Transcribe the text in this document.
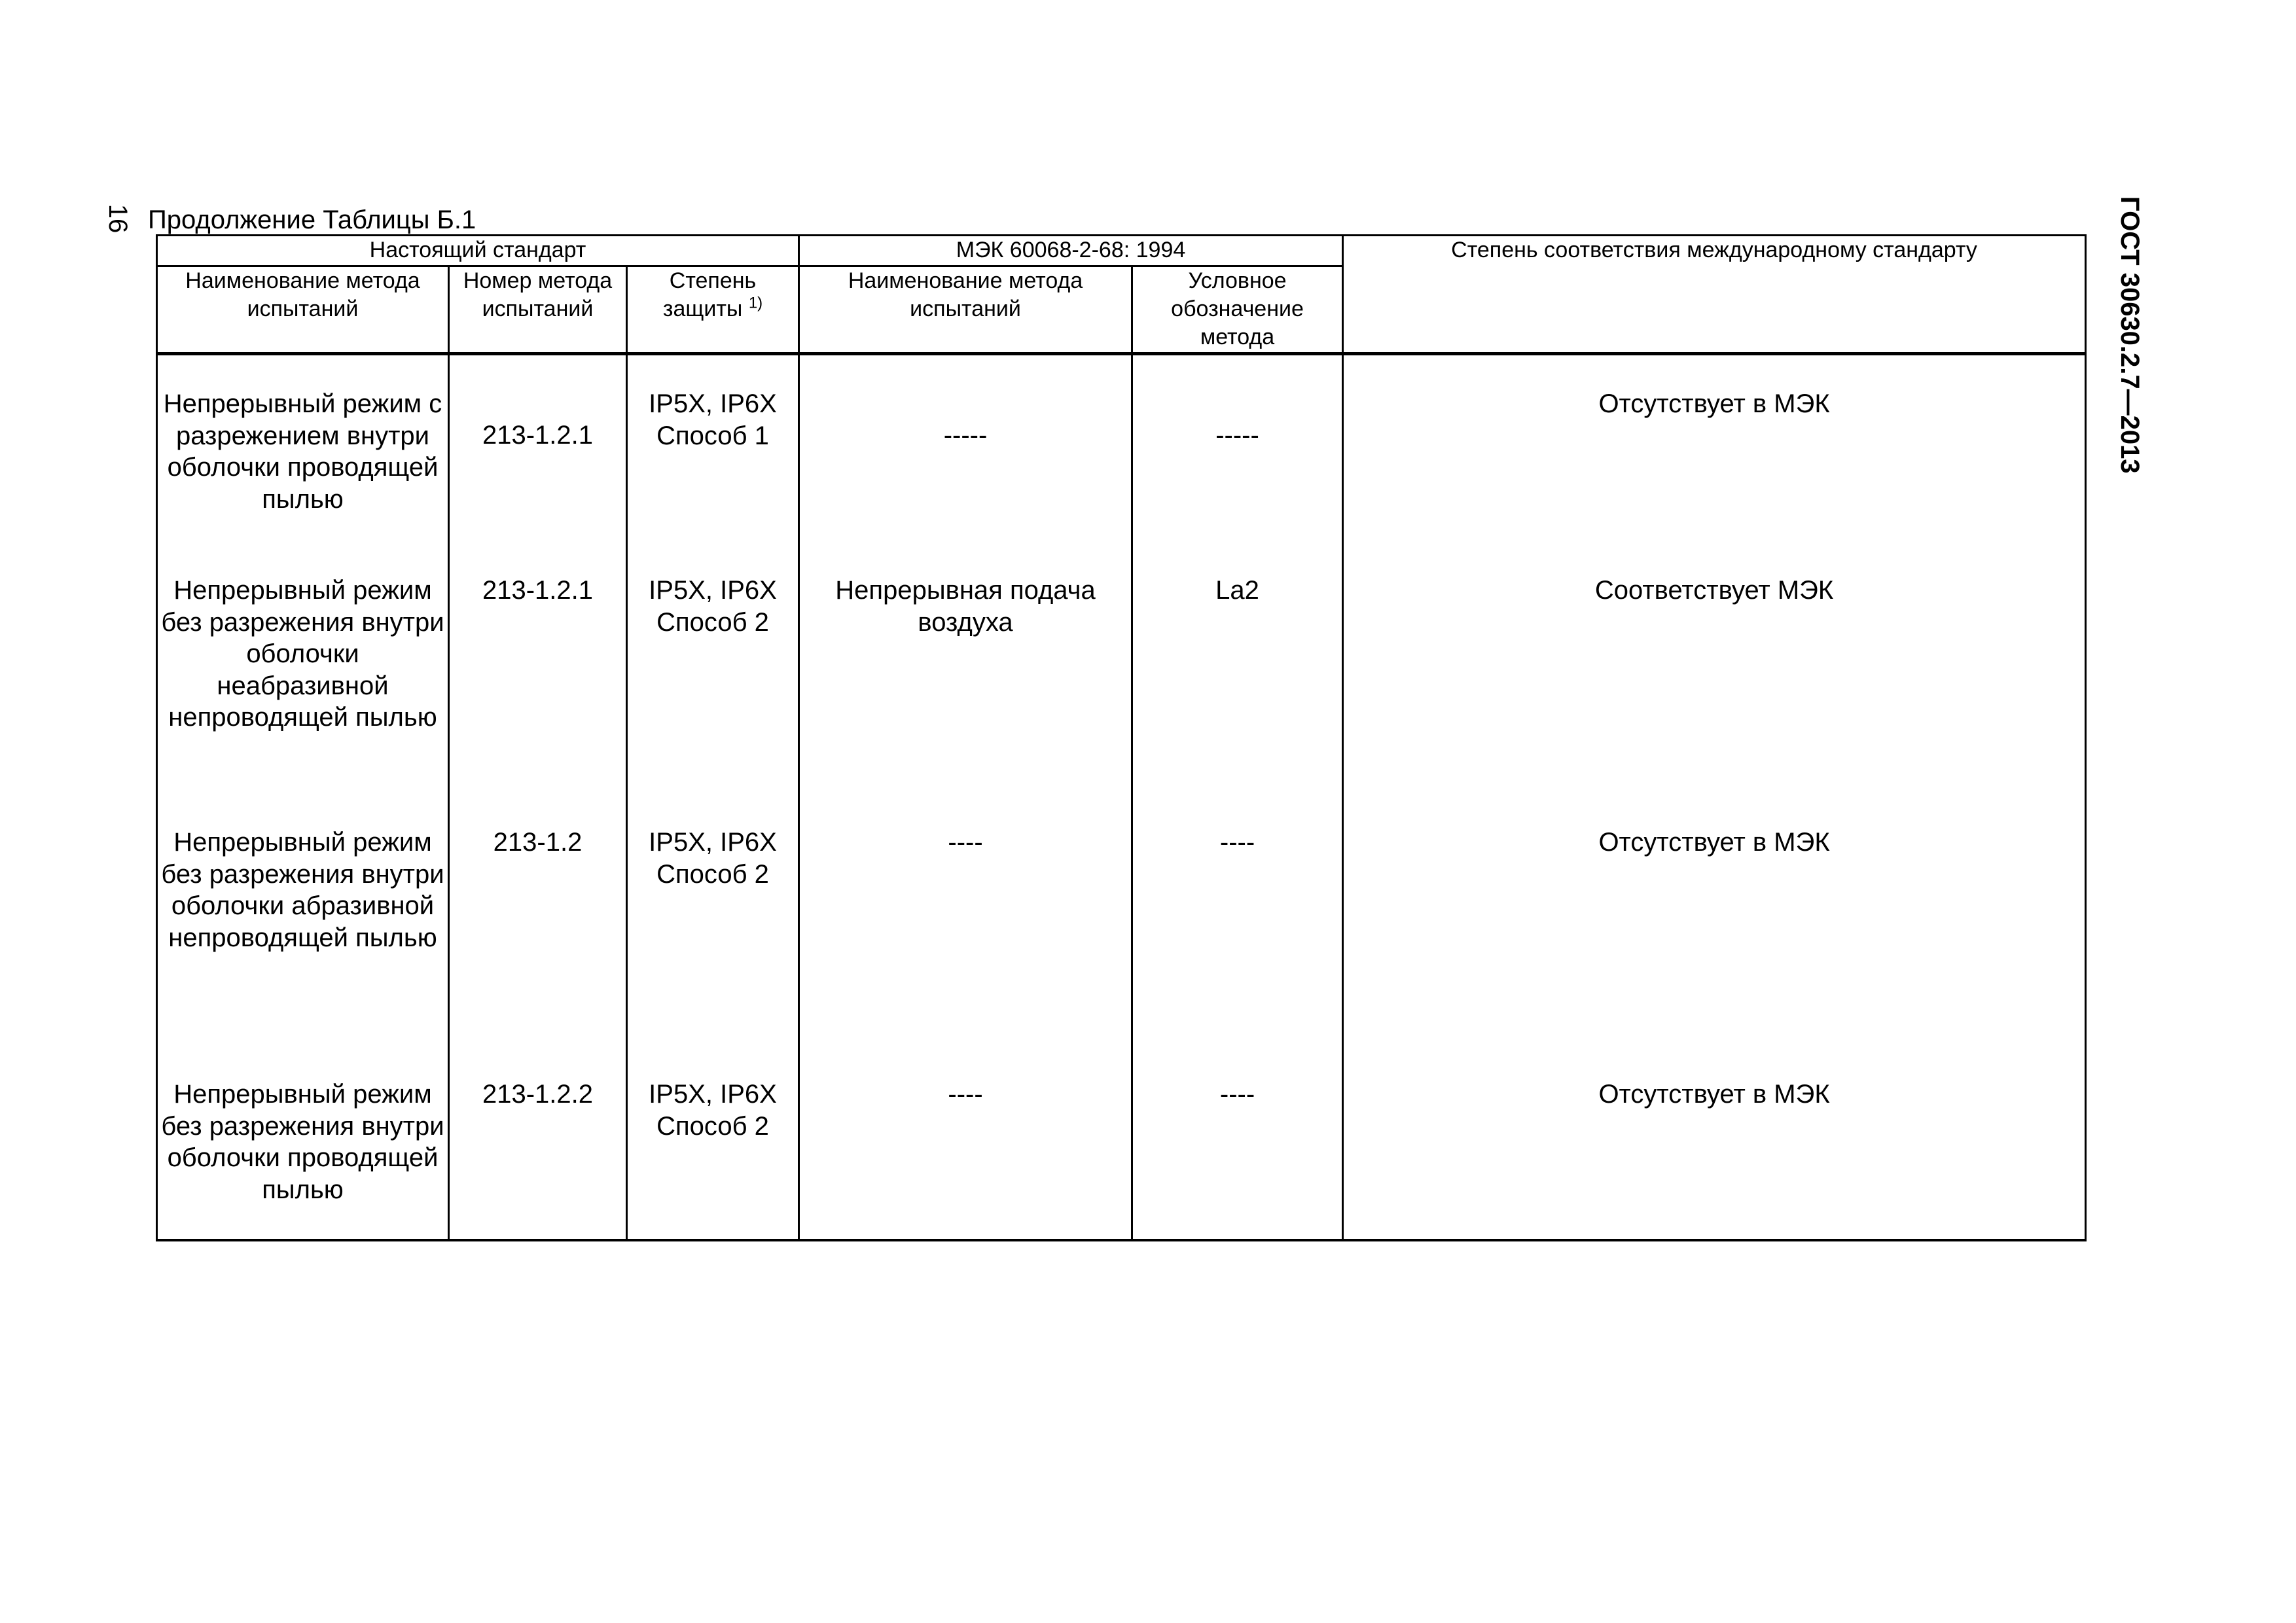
16 Продолжение Таблицы Б.1	ГОСТ 30630.2.7—2013
Настоящий стандарт			МЭК 60068-2-68: 1994		Степень соответствия международному стандарту
Наименование метода испытаний	Номер метода испытаний	Степень защиты $^{1)}$	Наименование метода испытаний	Условное обозначение метода	
Непрерывный режим с разрежением внутри оболочки проводящей пылью	213-1.2.1	IP5X, IP6X Способ 1	-----	-----	Отсутствует в МЭК
Непрерывный режим без разрежения внутри оболочки неабразивной непроводящей пылью	213-1.2.1	IP5X, IP6X Способ 2	Непрерывная подача воздуха	La2	Соответствует МЭК
Непрерывный режим без разрежения внутри оболочки абразивной непроводящей пылью	213-1.2	IP5X, IP6X Способ 2	----	----	Отсутствует в МЭК
Непрерывный режим без разрежения внутри оболочки проводящей пылью	213-1.2.2	IP5X, IP6X Способ 2	----	----	Отсутствует в МЭК
